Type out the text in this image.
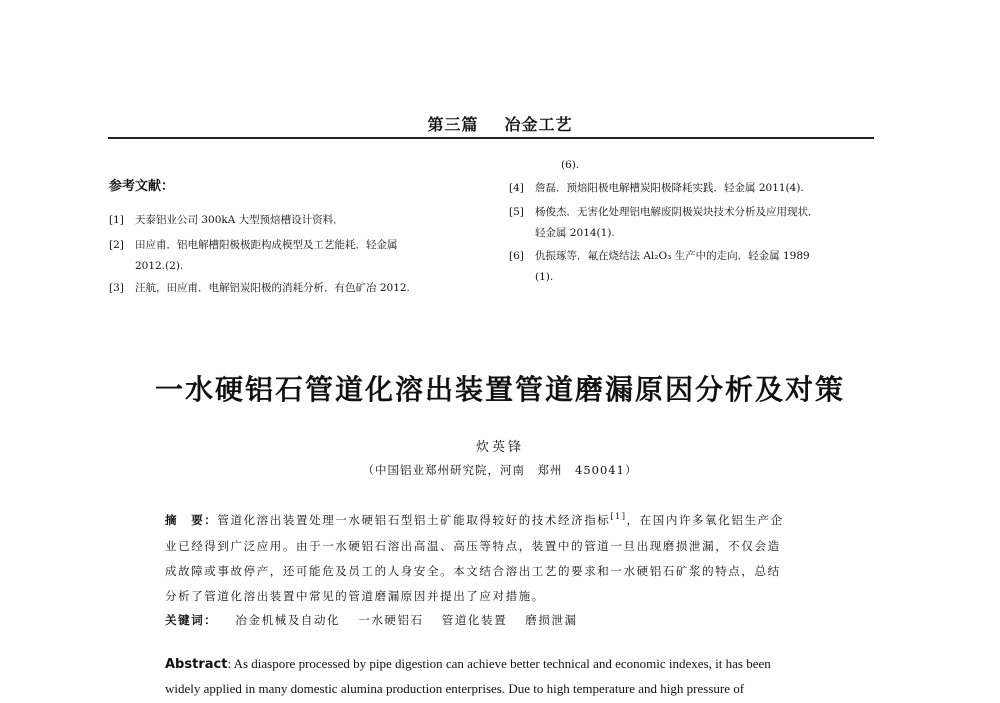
第三篇 冶金工艺
参考文献：
[1] 天泰铝业公司 300kA 大型预焙槽设计资料．
[2] 田应甫．铝电解槽阳极极距构成模型及工艺能耗．轻金属
2012.(2).
[3] 汪航，田应甫．电解铝炭阳极的消耗分析．有色矿冶 2012.
(6).
[4] 詹磊．预焙阳极电解槽炭阳极降耗实践．轻金属 2011(4).
[5] 杨俊杰．无害化处理铝电解废阴极炭块技术分析及应用现状．
轻金属 2014(1).
[6] 仇振琢等．氟在烧结法 Al₂O₃ 生产中的走向．轻金属 1989
(1).
一水硬铝石管道化溶出装置管道磨漏原因分析及对策
炊英锋
（中国铝业郑州研究院，河南　郑州　450041）
摘　要：管道化溶出装置处理一水硬铝石型铝土矿能取得较好的技术经济指标[1]，在国内许多氧化铝生产企
业已经得到广泛应用。由于一水硬铝石溶出高温、高压等特点，装置中的管道一旦出现磨损泄漏，不仅会造
成故障或事故停产，还可能危及员工的人身安全。本文结合溶出工艺的要求和一水硬铝石矿浆的特点，总结
分析了管道化溶出装置中常见的管道磨漏原因并提出了应对措施。
关键词： 冶金机械及自动化 一水硬铝石 管道化装置 磨损泄漏
Abstract: As diaspore processed by pipe digestion can achieve better technical and economic indexes, it has been
widely applied in many domestic alumina production enterprises. Due to high temperature and high pressure of
